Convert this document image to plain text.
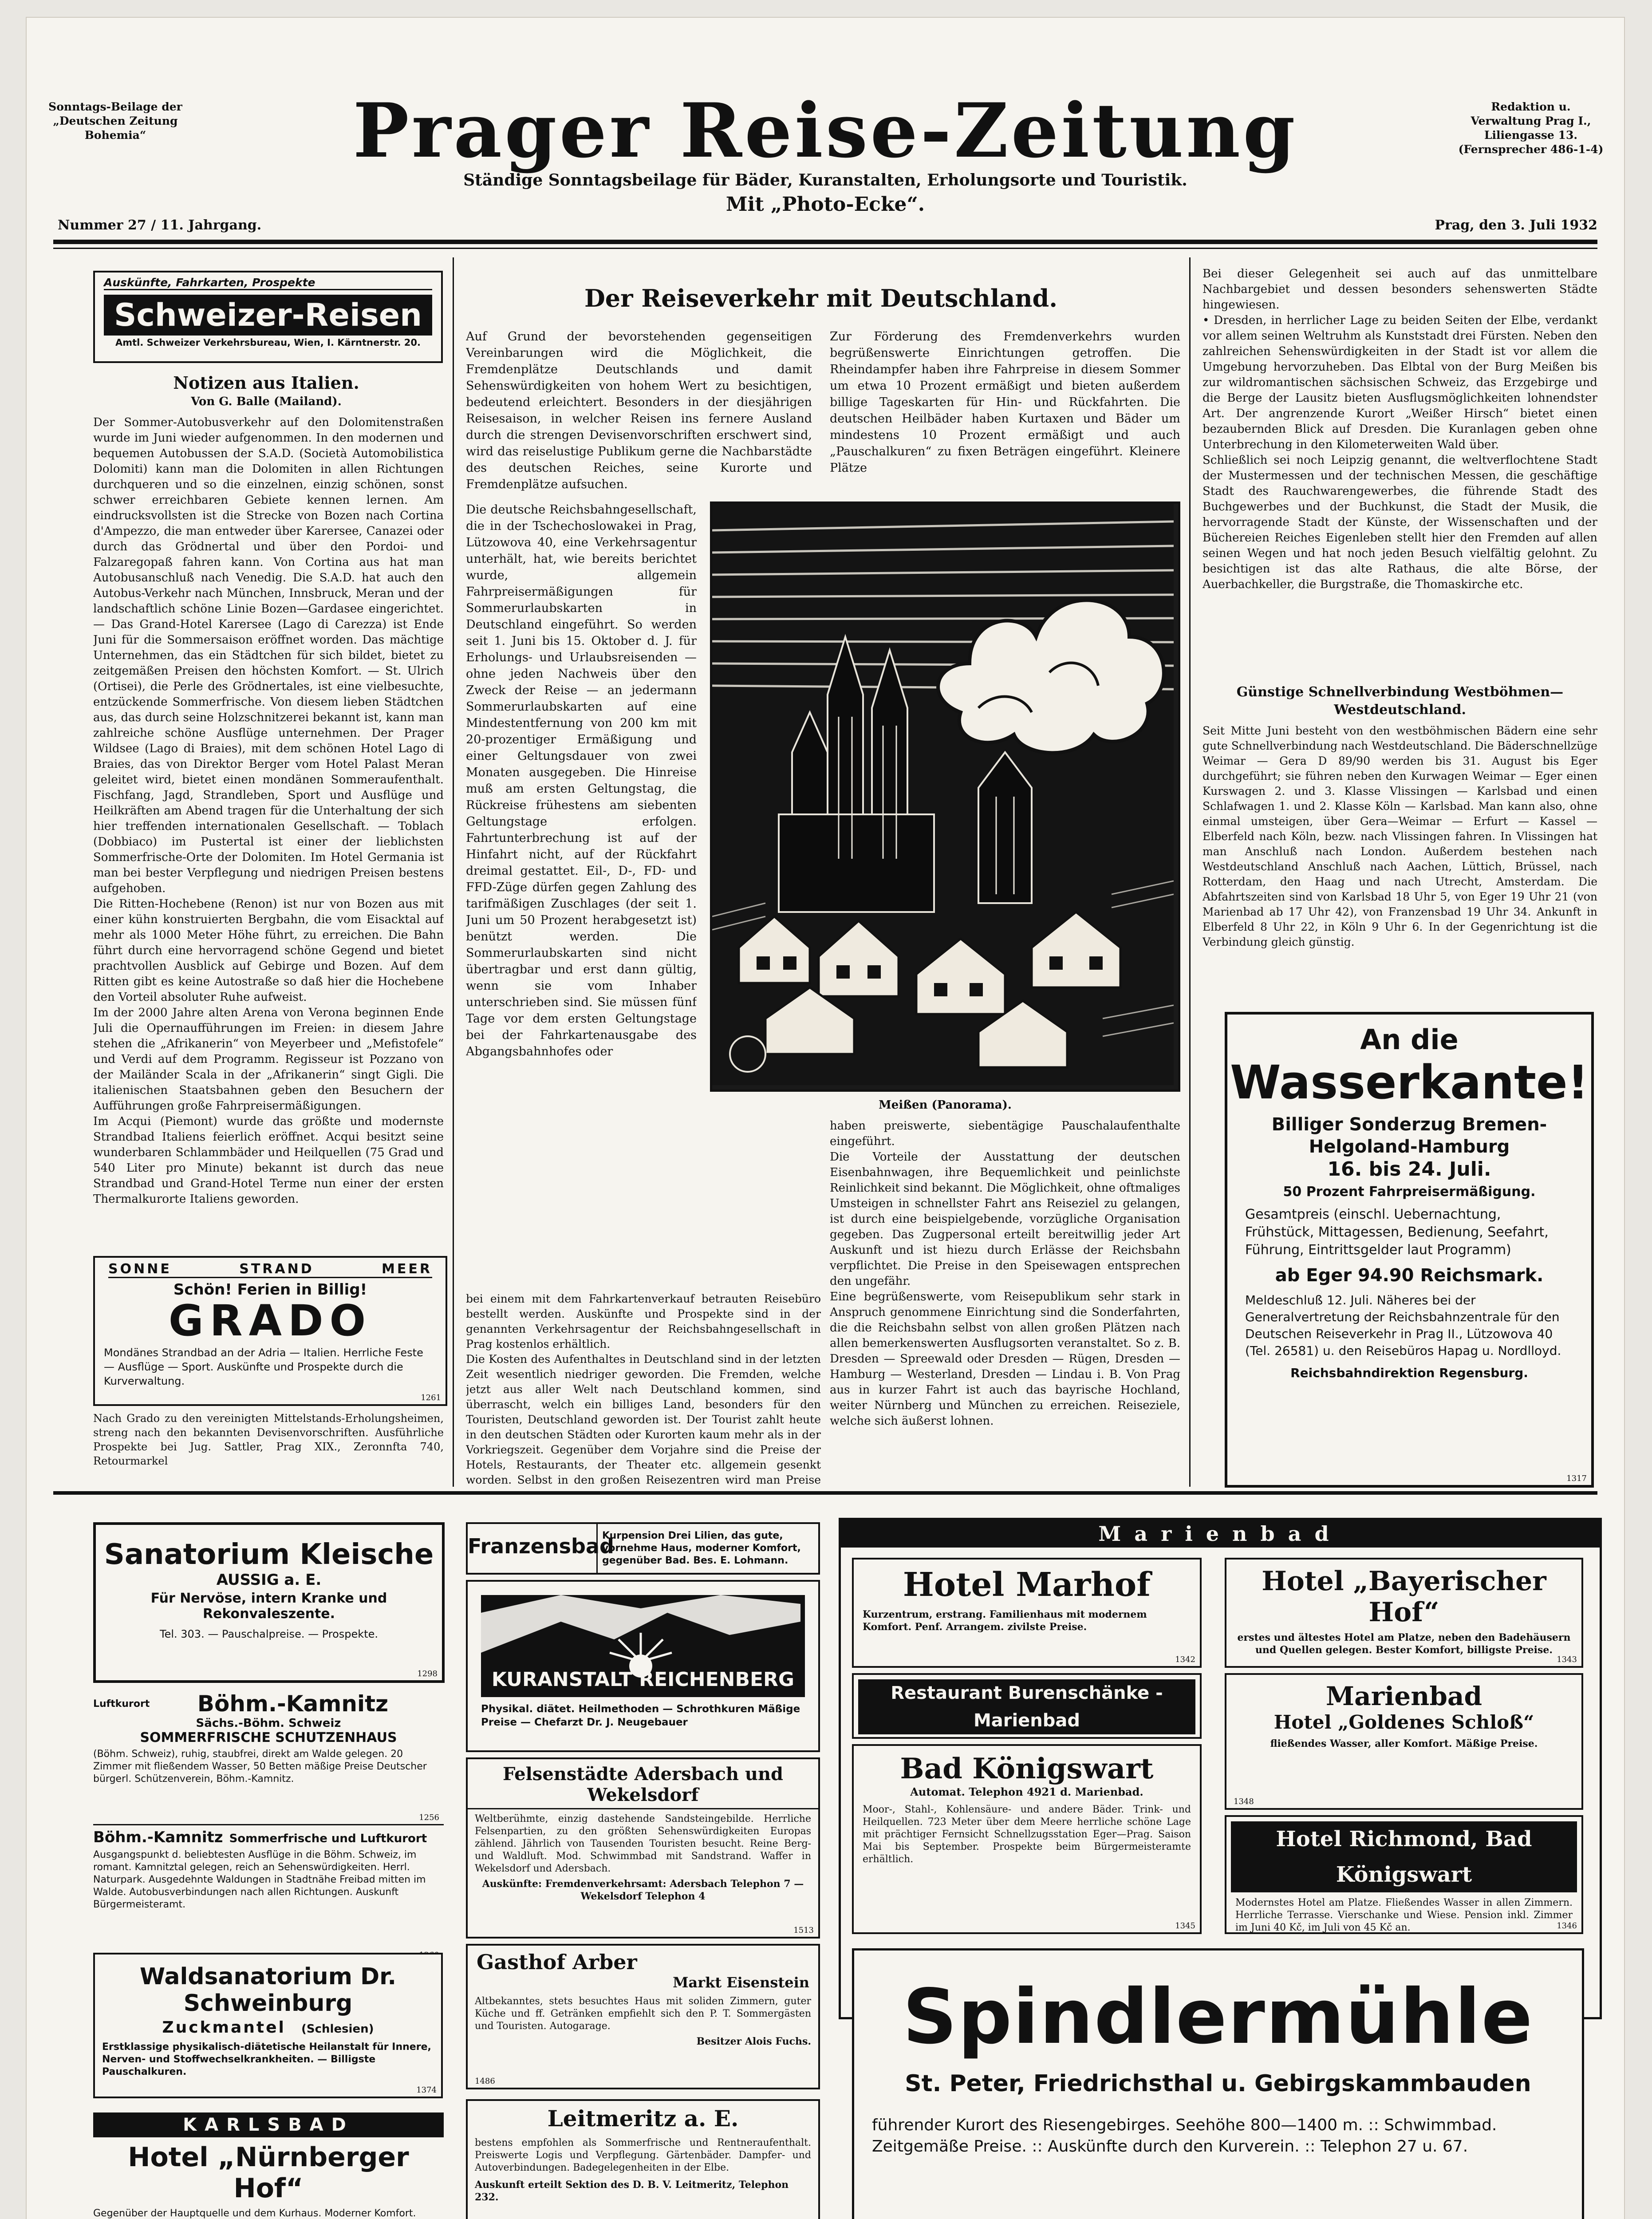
Sonntags-Beilage der „Deutschen Zeitung Bohemia“	Prager Reise-Zeitung	Redaktion u. Verwaltung Prag I., Liliengasse 13. (Fernsprecher 486-1-4)
Ständige Sonntagsbeilage für Bäder, Kuranstalten, Erholungsorte und Touristik.
Mit „Photo-Ecke“.
Nummer 27 / 11. Jahrgang.	Prag, den 3. Juli 1932
Auskünfte, Fahrkarten, Prospekte
Schweizer-Reisen
Amtl. Schweizer Verkehrsbureau, Wien, I. Kärntnerstr. 20.
Notizen aus Italien.
Von G. Balle (Mailand).
Der Sommer-Autobusverkehr auf den Dolomitenstraßen wurde im Juni wieder aufgenommen. In den modernen und bequemen Autobussen der S.A.D. (Società Automobilistica Dolomiti) kann man die Dolomiten in allen Richtungen durchqueren und so die einzelnen, einzig schönen, sonst schwer erreichbaren Gebiete kennen lernen. Am eindrucksvollsten ist die Strecke von Bozen nach Cortina d'Ampezzo, die man entweder über Karersee, Canazei oder durch das Grödnertal und über den Pordoi- und Falzaregopaß fahren kann. Von Cortina aus hat man Autobusanschluß nach Venedig. Die S.A.D. hat auch den Autobus-Verkehr nach München, Innsbruck, Meran und der landschaftlich schöne Linie Bozen—Gardasee eingerichtet. — Das Grand-Hotel Karersee (Lago di Carezza) ist Ende Juni für die Sommersaison eröffnet worden. Das mächtige Unternehmen, das ein Städtchen für sich bildet, bietet zu zeitgemäßen Preisen den höchsten Komfort. — St. Ulrich (Ortisei), die Perle des Grödnertales, ist eine vielbesuchte, entzückende Sommerfrische. Von diesem lieben Städtchen aus, das durch seine Holzschnitzerei bekannt ist, kann man zahlreiche schöne Ausflüge unternehmen. Der Prager Wildsee (Lago di Braies), mit dem schönen Hotel Lago di Braies, das von Direktor Berger vom Hotel Palast Meran geleitet wird, bietet einen mondänen Sommeraufenthalt. Fischfang, Jagd, Strandleben, Sport und Ausflüge und Heilkräften am Abend tragen für die Unterhaltung der sich hier treffenden internationalen Gesellschaft. — Toblach (Dobbiaco) im Pustertal ist einer der lieblichsten Sommerfrische-Orte der Dolomiten. Im Hotel Germania ist man bei bester Verpflegung und niedrigen Preisen bestens aufgehoben.
Die Ritten-Hochebene (Renon) ist nur von Bozen aus mit einer kühn konstruierten Bergbahn, die vom Eisacktal auf mehr als 1000 Meter Höhe führt, zu erreichen. Die Bahn führt durch eine hervorragend schöne Gegend und bietet prachtvollen Ausblick auf Gebirge und Bozen. Auf dem Ritten gibt es keine Autostraße so daß hier die Hochebene den Vorteil absoluter Ruhe aufweist.
Im der 2000 Jahre alten Arena von Verona beginnen Ende Juli die Opernaufführungen im Freien: in diesem Jahre stehen die „Afrikanerin“ von Meyerbeer und „Mefistofele“ und Verdi auf dem Programm. Regisseur ist Pozzano von der Mailänder Scala in der „Afrikanerin“ singt Gigli. Die italienischen Staatsbahnen geben den Besuchern der Aufführungen große Fahrpreisermäßigungen.
Im Acqui (Piemont) wurde das größte und modernste Strandbad Italiens feierlich eröffnet. Acqui besitzt seine wunderbaren Schlammbäder und Heilquellen (75 Grad und 540 Liter pro Minute) bekannt ist durch das neue Strandbad und Grand-Hotel Terme nun einer der ersten Thermalkurorte Italiens geworden.
SONNE	STRAND	MEER
Schön! Ferien in Billig!
GRADO
Mondänes Strandbad an der Adria — Italien. Herrliche Feste — Ausflüge — Sport. Auskünfte und Prospekte durch die Kurverwaltung.
1261
Nach Grado zu den vereinigten Mittelstands-Erholungsheimen, streng nach den bekannten Devisenvorschriften. Ausführliche Prospekte bei Jug. Sattler, Prag XIX., Zeronnfta 740, Retourmarkel
Der Reiseverkehr mit Deutschland.
Auf Grund der bevorstehenden gegenseitigen Vereinbarungen wird die Möglichkeit, die Fremdenplätze Deutschlands und damit Sehenswürdigkeiten von hohem Wert zu besichtigen, bedeutend erleichtert. Besonders in der diesjährigen Reisesaison, in welcher Reisen ins fernere Ausland durch die strengen Devisenvorschriften erschwert sind, wird das reiselustige Publikum gerne die Nachbarstädte des deutschen Reiches, seine Kurorte und Fremdenplätze aufsuchen.
Zur Förderung des Fremdenverkehrs wurden begrüßenswerte Einrichtungen getroffen. Die Rheindampfer haben ihre Fahrpreise in diesem Sommer um etwa 10 Prozent ermäßigt und bieten außerdem billige Tageskarten für Hin- und Rückfahrten. Die deutschen Heilbäder haben Kurtaxen und Bäder um mindestens 10 Prozent ermäßigt und auch „Pauschalkuren“ zu fixen Beträgen eingeführt. Kleinere Plätze
Die deutsche Reichsbahngesellschaft, die in der Tschechoslowakei in Prag, Lützowova 40, eine Verkehrsagentur unterhält, hat, wie bereits berichtet wurde, allgemein Fahrpreisermäßigungen für Sommerurlaubskarten in Deutschland eingeführt. So werden seit 1. Juni bis 15. Oktober d. J. für Erholungs- und Urlaubsreisenden — ohne jeden Nachweis über den Zweck der Reise — an jedermann Sommerurlaubskarten auf eine Mindestentfernung von 200 km mit 20-prozentiger Ermäßigung und einer Geltungsdauer von zwei Monaten ausgegeben. Die Hinreise muß am ersten Geltungstag, die Rückreise frühestens am siebenten Geltungstage erfolgen. Fahrtunterbrechung ist auf der Hinfahrt nicht, auf der Rückfahrt dreimal gestattet. Eil-, D-, FD- und FFD-Züge dürfen gegen Zahlung des tarifmäßigen Zuschlages (der seit 1. Juni um 50 Prozent herabgesetzt ist) benützt werden. Die Sommerurlaubskarten sind nicht übertragbar und erst dann gültig, wenn sie vom Inhaber unterschrieben sind. Sie müssen fünf Tage vor dem ersten Geltungstage bei der Fahrkartenausgabe des Abgangsbahnhofes oder
Meißen (Panorama).
bei einem mit dem Fahrkartenverkauf betrauten Reisebüro bestellt werden. Auskünfte und Prospekte sind in der genannten Verkehrsagentur der Reichsbahngesellschaft in Prag kostenlos erhältlich.
Die Kosten des Aufenthaltes in Deutschland sind in der letzten Zeit wesentlich niedriger geworden. Die Fremden, welche jetzt aus aller Welt nach Deutschland kommen, sind überrascht, welch ein billiges Land, besonders für den Touristen, Deutschland geworden ist. Der Tourist zahlt heute in den deutschen Städten oder Kurorten kaum mehr als in der Vorkriegszeit. Gegenüber dem Vorjahre sind die Preise der Hotels, Restaurants, der Theater etc. allgemein gesenkt worden. Selbst in den großen Reisezentren wird man Preise
haben preiswerte, siebentägige Pauschalaufenthalte eingeführt.
Die Vorteile der Ausstattung der deutschen Eisenbahnwagen, ihre Bequemlichkeit und peinlichste Reinlichkeit sind bekannt. Die Möglichkeit, ohne oftmaliges Umsteigen in schnellster Fahrt ans Reiseziel zu gelangen, ist durch eine beispielgebende, vorzügliche Organisation gegeben. Das Zugpersonal erteilt bereitwillig jeder Art Auskunft und ist hiezu durch Erlässe der Reichsbahn verpflichtet. Die Preise in den Speisewagen entsprechen den ungefähr.
Eine begrüßenswerte, vom Reisepublikum sehr stark in Anspruch genommene Einrichtung sind die Sonderfahrten, die die Reichsbahn selbst von allen großen Plätzen nach allen bemerkenswerten Ausflugsorten veranstaltet. So z. B. Dresden — Spreewald oder Dresden — Rügen, Dresden — Hamburg — Westerland, Dresden — Lindau i. B. Von Prag aus in kurzer Fahrt ist auch das bayrische Hochland, weiter Nürnberg und München zu erreichen. Reiseziele, welche sich äußerst lohnen.
Bei dieser Gelegenheit sei auch auf das unmittelbare Nachbargebiet und dessen besonders sehenswerten Städte hingewiesen.
• Dresden, in herrlicher Lage zu beiden Seiten der Elbe, verdankt vor allem seinen Weltruhm als Kunststadt drei Fürsten. Neben den zahlreichen Sehenswürdigkeiten in der Stadt ist vor allem die Umgebung hervorzuheben. Das Elbtal von der Burg Meißen bis zur wildromantischen sächsischen Schweiz, das Erzgebirge und die Berge der Lausitz bieten Ausflugsmöglichkeiten lohnendster Art. Der angrenzende Kurort „Weißer Hirsch“ bietet einen bezaubernden Blick auf Dresden. Die Kuranlagen geben ohne Unterbrechung in den Kilometerweiten Wald über.
Schließlich sei noch Leipzig genannt, die weltverflochtene Stadt der Mustermessen und der technischen Messen, die geschäftige Stadt des Rauchwarengewerbes, die führende Stadt des Buchgewerbes und der Buchkunst, die Stadt der Musik, die hervorragende Stadt der Künste, der Wissenschaften und der Büchereien Reiches Eigenleben stellt hier den Fremden auf allen seinen Wegen und hat noch jeden Besuch vielfältig gelohnt. Zu besichtigen ist das alte Rathaus, die alte Börse, der Auerbachkeller, die Burgstraße, die Thomaskirche etc.
Günstige Schnellverbindung Westböhmen—Westdeutschland.
Seit Mitte Juni besteht von den westböhmischen Bädern eine sehr gute Schnellverbindung nach Westdeutschland. Die Bäderschnellzüge Weimar — Gera D 89/90 werden bis 31. August bis Eger durchgeführt; sie führen neben den Kurwagen Weimar — Eger einen Kurswagen 2. und 3. Klasse Vlissingen — Karlsbad und einen Schlafwagen 1. und 2. Klasse Köln — Karlsbad. Man kann also, ohne einmal umsteigen, über Gera—Weimar — Erfurt — Kassel — Elberfeld nach Köln, bezw. nach Vlissingen fahren. In Vlissingen hat man Anschluß nach London. Außerdem bestehen nach Westdeutschland Anschluß nach Aachen, Lüttich, Brüssel, nach Rotterdam, den Haag und nach Utrecht, Amsterdam. Die Abfahrtszeiten sind von Karlsbad 18 Uhr 5, von Eger 19 Uhr 21 (von Marienbad ab 17 Uhr 42), von Franzensbad 19 Uhr 34. Ankunft in Elberfeld 8 Uhr 22, in Köln 9 Uhr 6. In der Gegenrichtung ist die Verbindung gleich günstig.
An die
Wasserkante!
Billiger Sonderzug Bremen-Helgoland-Hamburg
16. bis 24. Juli.
50 Prozent Fahrpreisermäßigung.
Gesamtpreis (einschl. Uebernachtung, Frühstück, Mittagessen, Bedienung, Seefahrt, Führung, Eintrittsgelder laut Programm)
ab Eger 94.90 Reichsmark.
Meldeschluß 12. Juli. Näheres bei der Generalvertretung der Reichsbahnzentrale für den Deutschen Reiseverkehr in Prag II., Lützowova 40 (Tel. 26581) u. den Reisebüros Hapag u. Nordlloyd.
Reichsbahndirektion Regensburg.
1317
Sanatorium Kleische
AUSSIG a. E.
Für Nervöse, intern Kranke und Rekonvaleszente.
Tel. 303. — Pauschalpreise. — Prospekte.
1298
Luftkurort	Böhm.-Kamnitz
Sächs.-Böhm. Schweiz
SOMMERFRISCHE SCHUTZENHAUS
(Böhm. Schweiz), ruhig, staubfrei, direkt am Walde gelegen. 20 Zimmer mit fließendem Wasser, 50 Betten mäßige Preise Deutscher bürgerl. Schützenverein, Böhm.-Kamnitz.
1256
Böhm.-Kamnitz Sommerfrische und Luftkurort
Ausgangspunkt d. beliebtesten Ausflüge in die Böhm. Schweiz, im romant. Kamnitztal gelegen, reich an Sehenswürdigkeiten. Herrl. Naturpark. Ausgedehnte Waldungen in Stadtnähe Freibad mitten im Walde. Autobusverbindungen nach allen Richtungen. Auskunft Bürgermeisteramt.
Waldsanatorium Dr. Schweinburg
Zuckmantel (Schlesien)
Erstklassige physikalisch-diätetische Heilanstalt für Innere, Nerven- und Stoffwechselkrankheiten. — Billigste Pauschalkuren.
1374
KARLSBAD
Hotel „Nürnberger Hof“
Gegenüber der Hauptquelle und dem Kurhaus. Moderner Komfort.
Franzensbad
Kurpension Drei Lilien, das gute, vornehme Haus, moderner Komfort, gegenüber Bad. Bes. E. Lohmann.
KURANSTALT REICHENBERG
Physikal. diätet. Heilmethoden — Schrothkuren Mäßige Preise — Chefarzt Dr. J. Neugebauer
Felsenstädte Adersbach und Wekelsdorf
Weltberühmte, einzig dastehende Sandsteingebilde. Herrliche Felsenpartien, zu den größten Sehenswürdigkeiten Europas zählend. Jährlich von Tausenden Touristen besucht. Reine Berg- und Waldluft. Mod. Schwimmbad mit Sandstrand. Waffer in Wekelsdorf und Adersbach.
Auskünfte: Fremdenverkehrsamt: Adersbach Telephon 7 — Wekelsdorf Telephon 4
1513
Gasthof Arber
Markt Eisenstein
Altbekanntes, stets besuchtes Haus mit soliden Zimmern, guter Küche und ff. Getränken empfiehlt sich den P. T. Sommergästen und Touristen. Autogarage.
Besitzer Alois Fuchs.
1486
Leitmeritz a. E.
bestens empfohlen als Sommerfrische und Rentneraufenthalt. Preiswerte Logis und Verpflegung. Gärtenbäder. Dampfer- und Autoverbindungen. Badegelegenheiten in der Elbe.
Auskunft erteilt Sektion des D. B. V. Leitmeritz, Telephon 232.
Marienbad
Hotel Marhof
Kurzentrum, erstrang. Familienhaus mit modernem Komfort. Penf. Arrangem. zivilste Preise.
1342
Hotel „Bayerischer Hof“
erstes und ältestes Hotel am Platze, neben den Badehäusern und Quellen gelegen. Bester Komfort, billigste Preise.
1343
Restaurant Burenschänke - Marienbad
Marienbad
Hotel „Goldenes Schloß“
fließendes Wasser, aller Komfort. Mäßige Preise.
1348
Bad Königswart
Automat. Telephon 4921 d. Marienbad.
Moor-, Stahl-, Kohlensäure- und andere Bäder. Trink- und Heilquellen. 723 Meter über dem Meere herrliche schöne Lage mit prächtiger Fernsicht Schnellzugsstation Eger—Prag. Saison Mai bis September. Prospekte beim Bürgermeisteramte erhältlich.
1345
Hotel Richmond, Bad Königswart
Modernstes Hotel am Platze. Fließendes Wasser in allen Zimmern. Herrliche Terrasse. Vierschanke und Wiese. Pension inkl. Zimmer im Juni 40 Kč, im Juli von 45 Kč an.	1346
Spindlermühle
St. Peter, Friedrichsthal u. Gebirgskammbauden
führender Kurort des Riesengebirges. Seehöhe 800—1400 m. :: Schwimmbad. Zeitgemäße Preise. :: Auskünfte durch den Kurverein. :: Telephon 27 u. 67.
